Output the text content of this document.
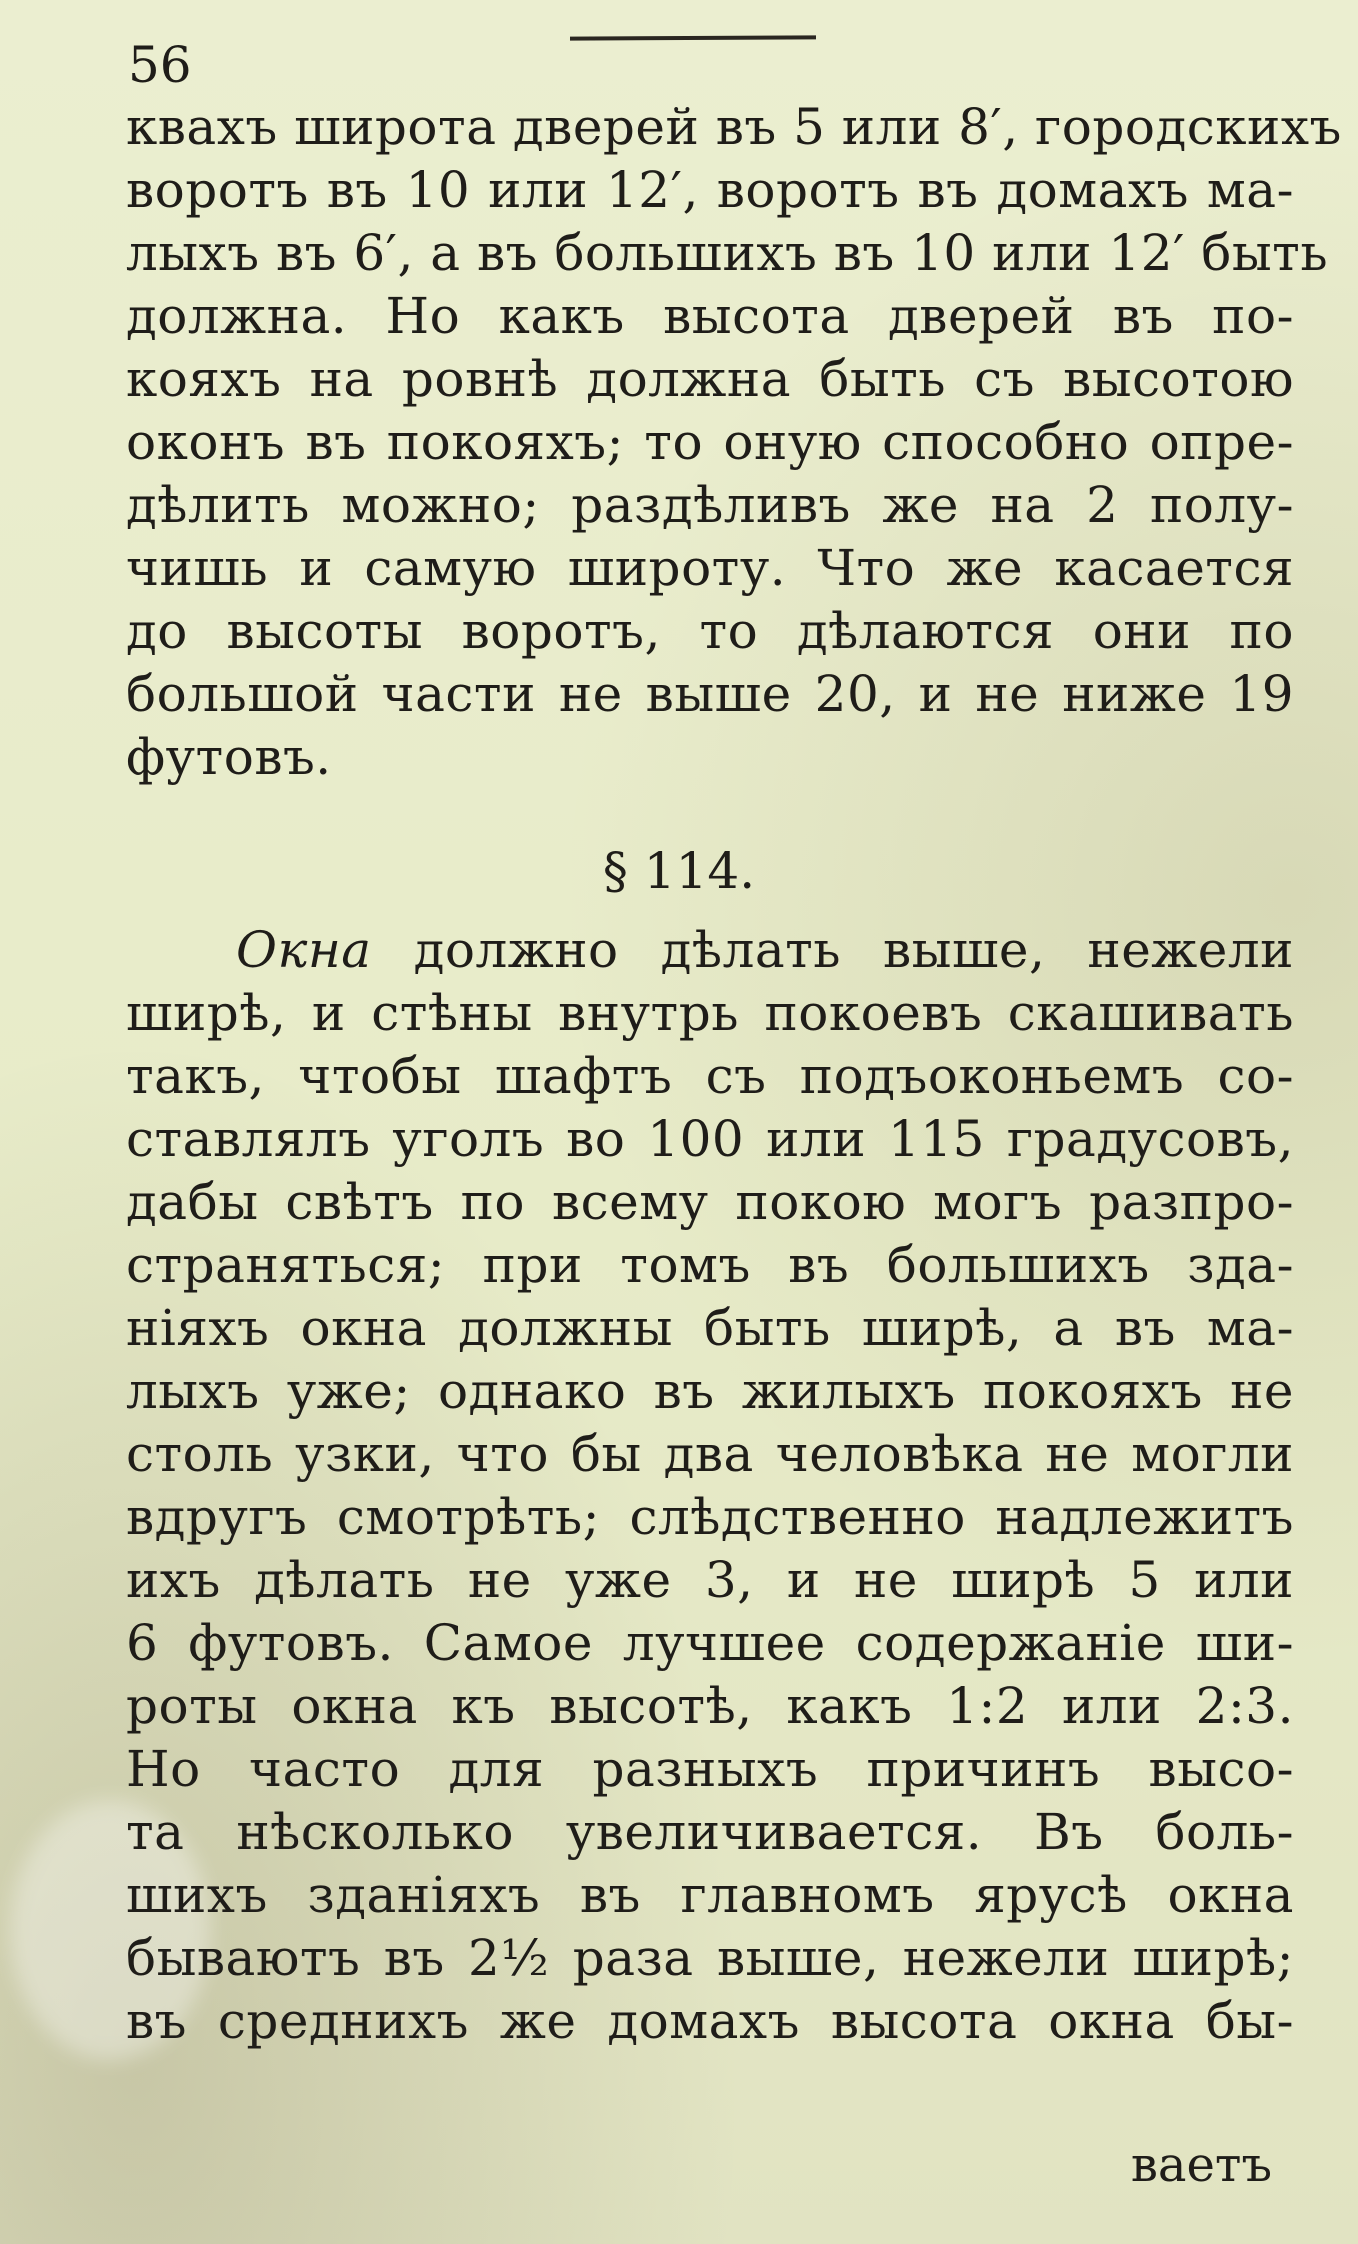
56
квахъ широта дверей въ 5 или 8′, городскихъ
воротъ въ 10 или 12′, воротъ въ домахъ ма-
лыхъ въ 6′, а въ большихъ въ 10 или 12′ быть
должна. Но какъ высота дверей въ по-
кояхъ на ровнѣ должна быть съ высотою
оконъ въ покояхъ; то оную способно опре-
дѣлить можно; раздѣливъ же на 2 полу-
чишь и самую широту. Что же касается
до высоты воротъ, то дѣлаются они по
большой части не выше 20, и не ниже 19
футовъ.
§ 114.
Окна должно дѣлать выше, нежели
ширѣ, и стѣны внутрь покоевъ скашивать
такъ, чтобы шафтъ съ подъоконьемъ со-
ставлялъ уголъ во 100 или 115 градусовъ,
дабы свѣтъ по всему покою могъ разпро-
страняться; при томъ въ большихъ зда-
ніяхъ окна должны быть ширѣ, а въ ма-
лыхъ уже; однако въ жилыхъ покояхъ не
столь узки, что бы два человѣка не могли
вдругъ смотрѣть; слѣдственно надлежитъ
ихъ дѣлать не уже 3, и не ширѣ 5 или
6 футовъ. Самое лучшее содержаніе ши-
роты окна къ высотѣ, какъ 1:2 или 2:3.
Но часто для разныхъ причинъ высо-
та нѣсколько увеличивается. Въ боль-
шихъ зданіяхъ въ главномъ ярусѣ окна
бываютъ въ 2½ раза выше, нежели ширѣ;
въ среднихъ же домахъ высота окна бы-
ваетъ
